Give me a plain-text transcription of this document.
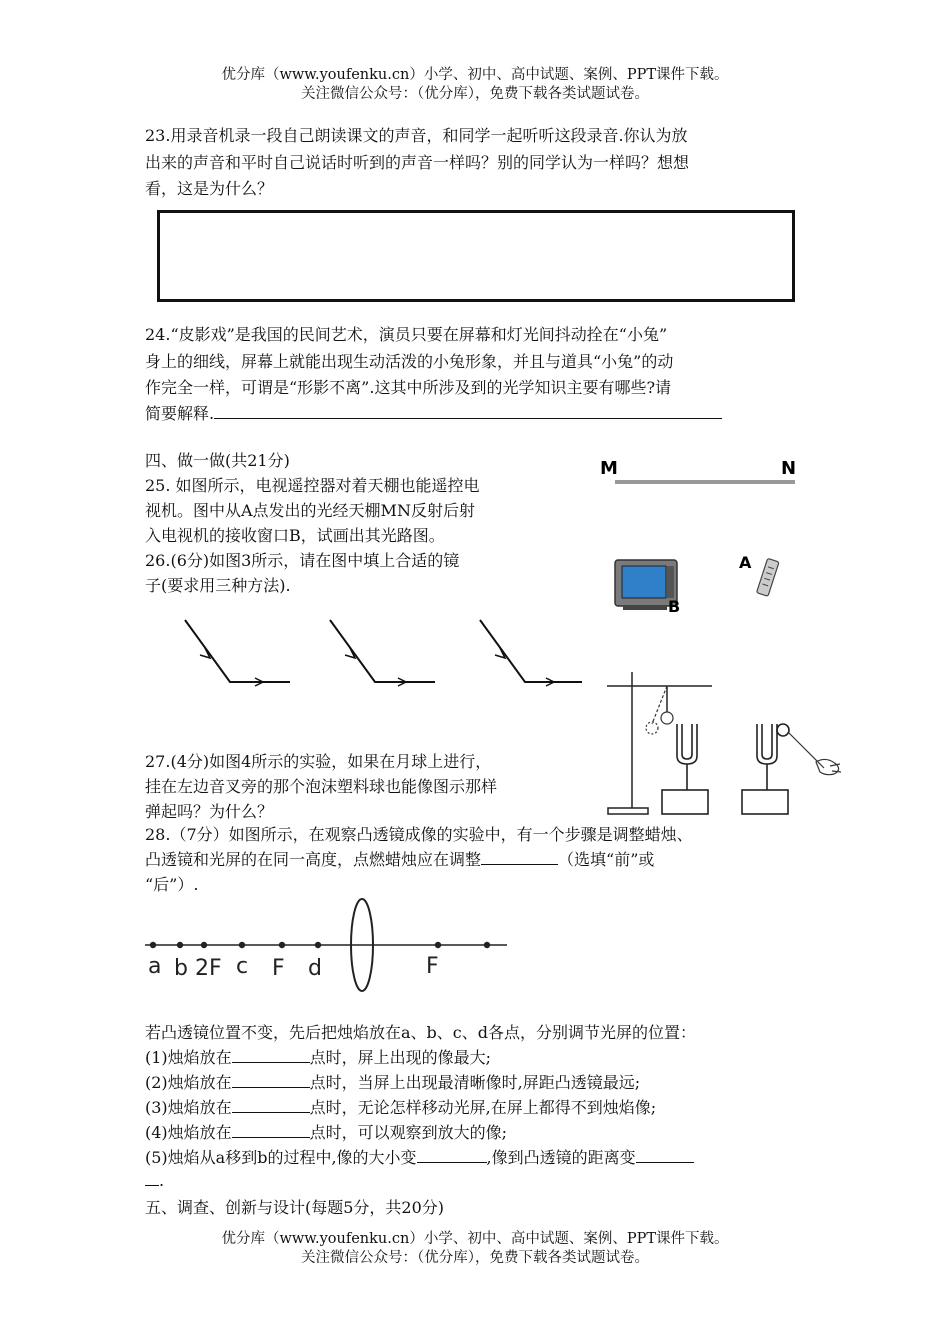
优分库（www.youfenku.cn）小学、初中、高中试题、案例、PPT课件下载。
关注微信公众号：（优分库），免费下载各类试题试卷。
23.用录音机录一段自己朗读课文的声音，和同学一起听听这段录音.你认为放
出来的声音和平时自己说话时听到的声音一样吗？别的同学认为一样吗？想想
看，这是为什么？
24.“皮影戏”是我国的民间艺术，演员只要在屏幕和灯光间抖动拴在“小兔”
身上的细线，屏幕上就能出现生动活泼的小兔形象，并且与道具“小兔”的动
作完全一样，可谓是“形影不离”.这其中所涉及到的光学知识主要有哪些?请
简要解释.
四、做一做(共21分)
25. 如图所示，电视遥控器对着天棚也能遥控电
视机。图中从A点发出的光经天棚MN反射后射
入电视机的接收窗口B，试画出其光路图。
26.(6分)如图3所示，请在图中填上合适的镜
子(要求用三种方法).
M	N
B
A
27.(4分)如图4所示的实验，如果在月球上进行，
挂在左边音叉旁的那个泡沫塑料球也能像图示那样
弹起吗？为什么？
28.（7分）如图所示，在观察凸透镜成像的实验中，有一个步骤是调整蜡烛、
凸透镜和光屏的在同一高度，点燃蜡烛应在调整	（选填“前”或
“后”）.
a b 2F c F d	F
若凸透镜位置不变，先后把烛焰放在a、b、c、d各点，分别调节光屏的位置：
(1)烛焰放在	点时，屏上出现的像最大;
(2)烛焰放在	点时，当屏上出现最清晰像时,屏距凸透镜最远;
(3)烛焰放在	点时，无论怎样移动光屏,在屏上都得不到烛焰像;
(4)烛焰放在	点时，可以观察到放大的像;
(5)烛焰从a移到b的过程中,像的大小变	,像到凸透镜的距离变
.
五、调查、创新与设计(每题5分，共20分)
优分库（www.youfenku.cn）小学、初中、高中试题、案例、PPT课件下载。
关注微信公众号：（优分库），免费下载各类试题试卷。
